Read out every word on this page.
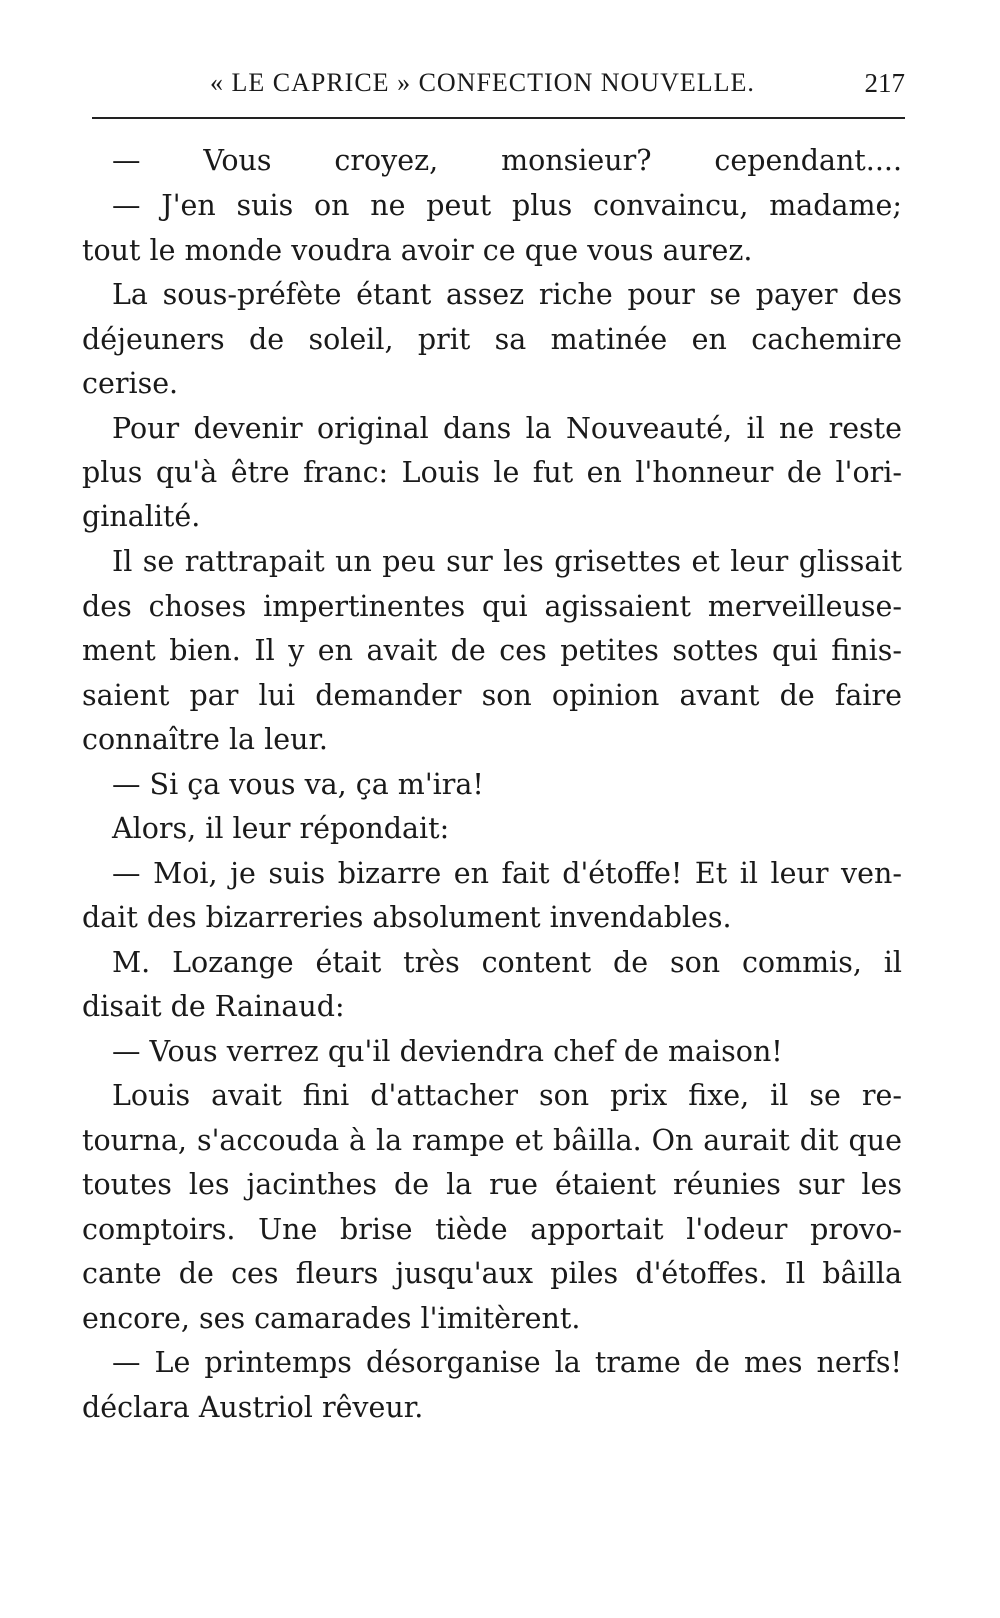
« LE CAPRICE » CONFECTION NOUVELLE.	217
— Vous croyez, monsieur? cependant....
— J'en suis on ne peut plus convaincu, madame;
tout le monde voudra avoir ce que vous aurez.
La sous-préfète étant assez riche pour se payer des
déjeuners de soleil, prit sa matinée en cachemire
cerise.
Pour devenir original dans la Nouveauté, il ne reste
plus qu'à être franc: Louis le fut en l'honneur de l'ori-
ginalité.
Il se rattrapait un peu sur les grisettes et leur glissait
des choses impertinentes qui agissaient merveilleuse-
ment bien. Il y en avait de ces petites sottes qui finis-
saient par lui demander son opinion avant de faire
connaître la leur.
— Si ça vous va, ça m'ira!
Alors, il leur répondait:
— Moi, je suis bizarre en fait d'étoffe! Et il leur ven-
dait des bizarreries absolument invendables.
M. Lozange était très content de son commis, il
disait de Rainaud:
— Vous verrez qu'il deviendra chef de maison!
Louis avait fini d'attacher son prix fixe, il se re-
tourna, s'accouda à la rampe et bâilla. On aurait dit que
toutes les jacinthes de la rue étaient réunies sur les
comptoirs. Une brise tiède apportait l'odeur provo-
cante de ces fleurs jusqu'aux piles d'étoffes. Il bâilla
encore, ses camarades l'imitèrent.
— Le printemps désorganise la trame de mes nerfs!
déclara Austriol rêveur.
